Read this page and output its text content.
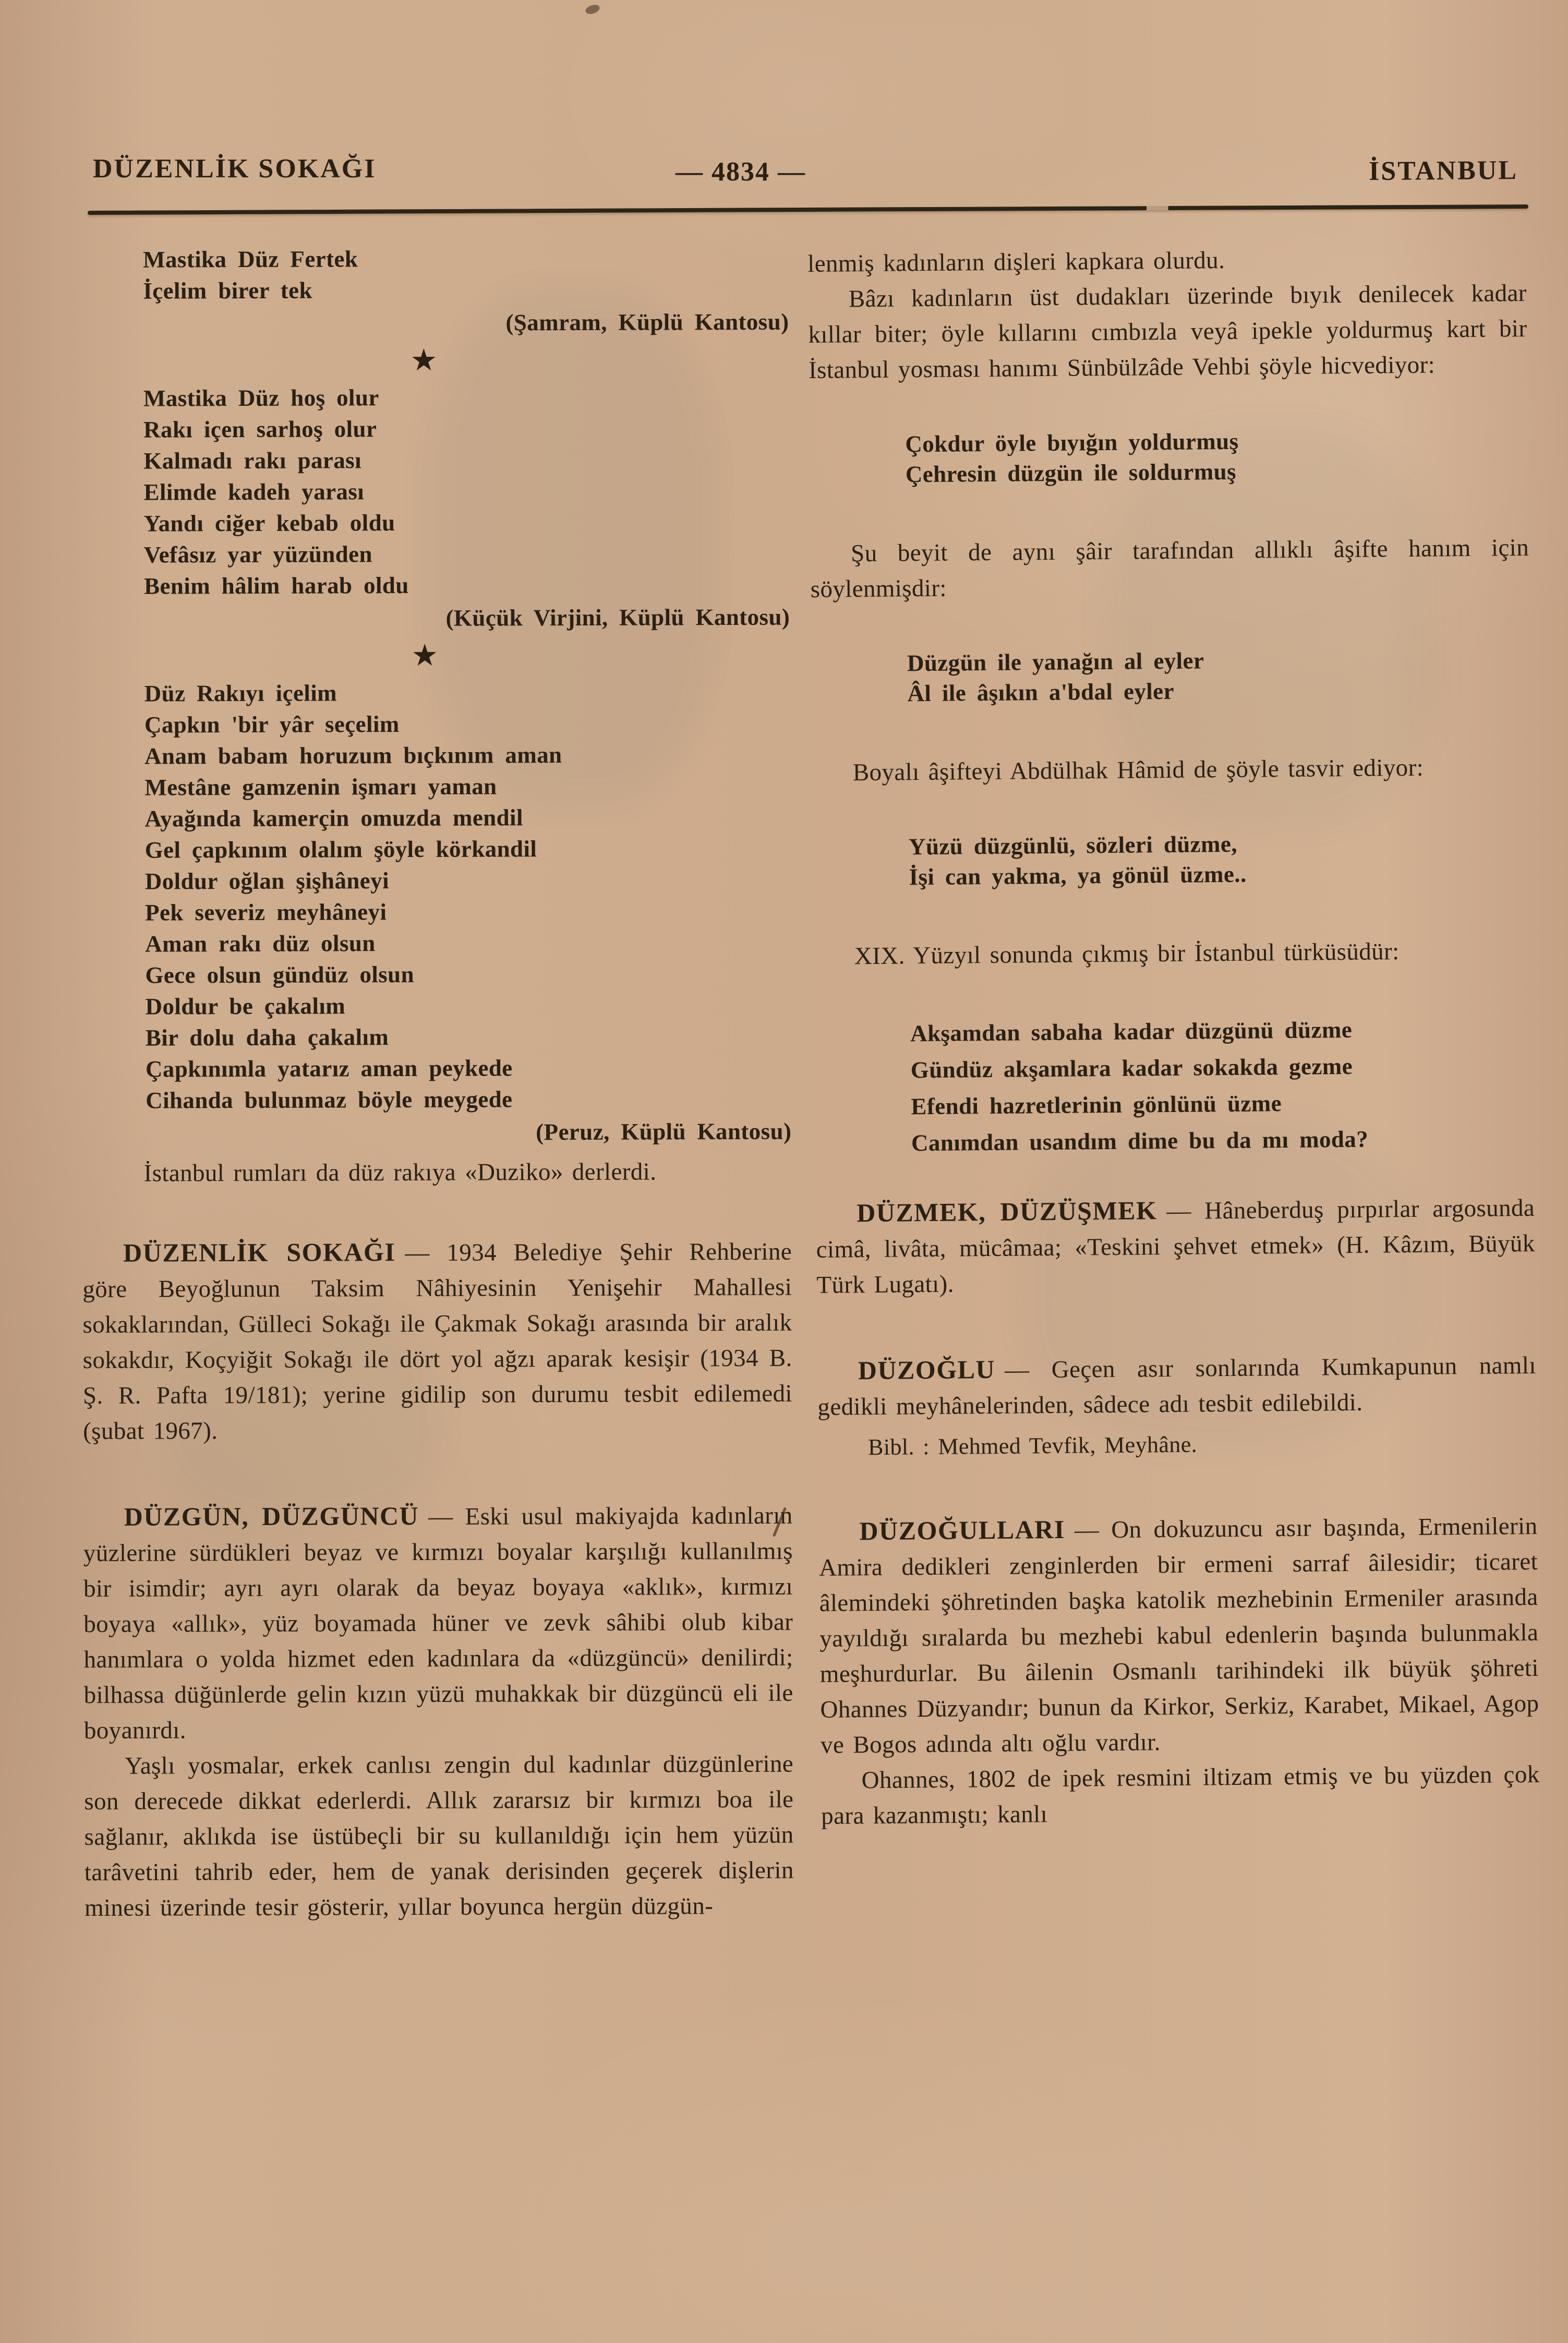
DÜZENLİK SOKAĞI	— 4834 —	İSTANBUL
Mastika Düz Fertek
İçelim birer tek
(Şamram, Küplü Kantosu)
★
Mastika Düz hoş olur
Rakı içen sarhoş olur
Kalmadı rakı parası
Elimde kadeh yarası
Yandı ciğer kebab oldu
Vefâsız yar yüzünden
Benim hâlim harab oldu
(Küçük Virjini, Küplü Kantosu)
★
Düz Rakıyı içelim
Çapkın 'bir yâr seçelim
Anam babam horuzum bıçkınım aman
Mestâne gamzenin işmarı yaman
Ayağında kamerçin omuzda mendil
Gel çapkınım olalım şöyle körkandil
Doldur oğlan şişhâneyi
Pek severiz meyhâneyi
Aman rakı düz olsun
Gece olsun gündüz olsun
Doldur be çakalım
Bir dolu daha çakalım
Çapkınımla yatarız aman peykede
Cihanda bulunmaz böyle meygede
(Peruz, Küplü Kantosu)

İstanbul rumları da düz rakıya «Duziko» derlerdi.

DÜZENLİK SOKAĞI — 1934 Belediye Şehir Rehberine göre Beyoğlunun Taksim Nâhiyesinin Yenişehir Mahallesi sokaklarından, Gülleci Sokağı ile Çakmak Sokağı arasında bir aralık sokakdır, Koçyiğit Sokağı ile dört yol ağzı aparak kesişir (1934 B. Ş. R. Pafta 19/181); yerine gidilip son durumu tesbit edilemedi (şubat 1967).

DÜZGÜN, DÜZGÜNCÜ — Eski usul makiyajda kadınların yüzlerine sürdükleri beyaz ve kırmızı boyalar karşılığı kullanılmış bir isimdir; ayrı ayrı olarak da beyaz boyaya «aklık», kırmızı boyaya «allık», yüz boyamada hüner ve zevk sâhibi olub kibar hanımlara o yolda hizmet eden kadınlara da «düzgüncü» denilirdi; bilhassa düğünlerde gelin kızın yüzü muhakkak bir düzgüncü eli ile boyanırdı.

Yaşlı yosmalar, erkek canlısı zengin dul kadınlar düzgünlerine son derecede dikkat ederlerdi. Allık zararsız bir kırmızı boa ile sağlanır, aklıkda ise üstübeçli bir su kullanıldığı için hem yüzün tarâvetini tahrib eder, hem de yanak derisinden geçerek dişlerin minesi üzerinde tesir gösterir, yıllar boyunca hergün düzgün-

lenmiş kadınların dişleri kapkara olurdu.

Bâzı kadınların üst dudakları üzerinde bıyık denilecek kadar kıllar biter; öyle kıllarını cımbızla veyâ ipekle yoldurmuş kart bir İstanbul yosması hanımı Sünbülzâde Vehbi şöyle hicvediyor:

Çokdur öyle bıyığın yoldurmuş
Çehresin düzgün ile soldurmuş

Şu beyit de aynı şâir tarafından allıklı âşifte hanım için söylenmişdir:

Düzgün ile yanağın al eyler
Âl ile âşıkın a'bdal eyler

Boyalı âşifteyi Abdülhak Hâmid de şöyle tasvir ediyor:

Yüzü düzgünlü, sözleri düzme,
İşi can yakma, ya gönül üzme..

XIX. Yüzyıl sonunda çıkmış bir İstanbul türküsüdür:

Akşamdan sabaha kadar düzgünü düzme
Gündüz akşamlara kadar sokakda gezme
Efendi hazretlerinin gönlünü üzme
Canımdan usandım dime bu da mı moda?

DÜZMEK, DÜZÜŞMEK — Hâneberduş pırpırlar argosunda cimâ, livâta, mücâmaa; «Teskini şehvet etmek» (H. Kâzım, Büyük Türk Lugatı).

DÜZOĞLU — Geçen asır sonlarında Kumkapunun namlı gedikli meyhânelerinden, sâdece adı tesbit edilebildi.

Bibl. : Mehmed Tevfik, Meyhâne.

DÜZOĞULLARI — On dokuzuncu asır başında, Ermenilerin Amira dedikleri zenginlerden bir ermeni sarraf âilesidir; ticaret âlemindeki şöhretinden başka katolik mezhebinin Ermeniler arasında yayıldığı sıralarda bu mezhebi kabul edenlerin başında bulunmakla meşhurdurlar. Bu âilenin Osmanlı tarihindeki ilk büyük şöhreti Ohannes Düzyandır; bunun da Kirkor, Serkiz, Karabet, Mikael, Agop ve Bogos adında altı oğlu vardır.

Ohannes, 1802 de ipek resmini iltizam etmiş ve bu yüzden çok para kazanmıştı; kanlı
